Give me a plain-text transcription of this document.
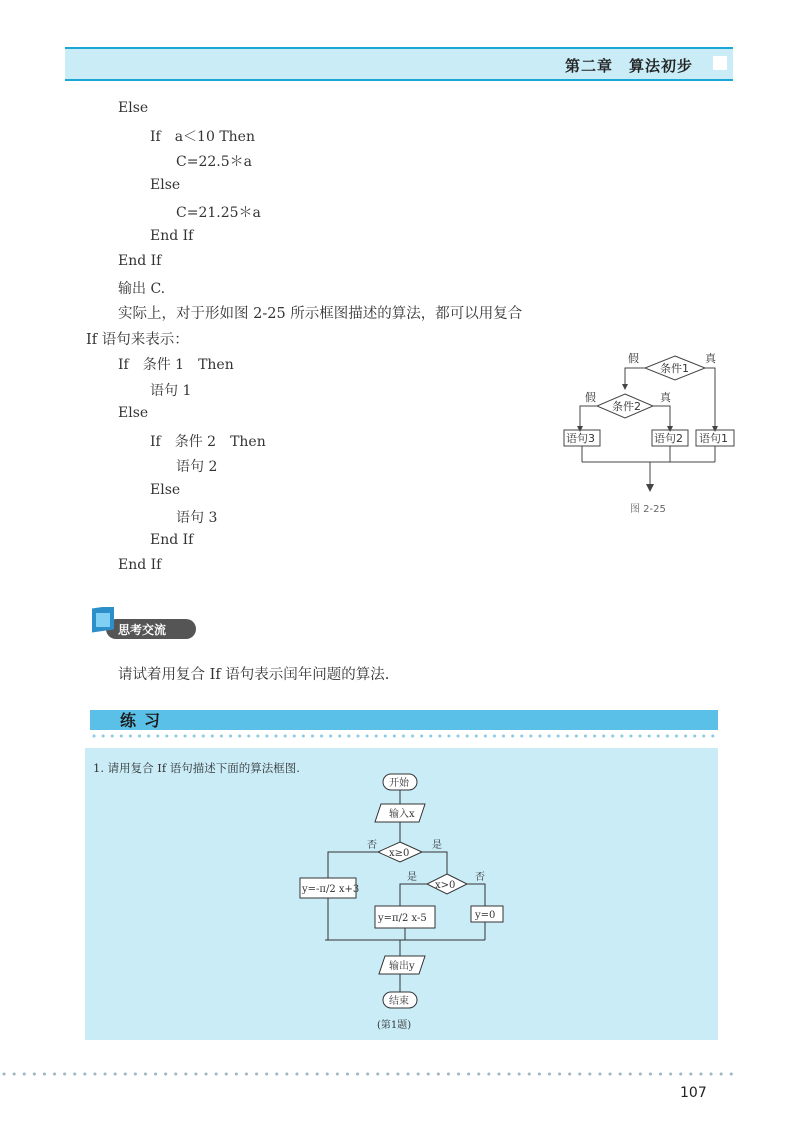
第二章　算法初步
Else
If　a＜10 Then
C=22.5＊a
Else
C=21.25＊a
End If
End If
输出 C.
实际上，对于形如图 2-25 所示框图描述的算法，都可以用复合
If 语句来表示：
If　条件 1　Then
语句 1
Else
If　条件 2　Then
语句 2
Else
语句 3
End If
End If
条件1
条件2
假	真
假	真
语句3	语句2 语句1
图 2-25
思考交流
请试着用复合 If 语句表示闰年问题的算法.
练习
1. 请用复合 If 语句描述下面的算法框图.
开始
输入x
x≥0
否	是
x>0
是	否
y=-π/2 x+3
y=π/2 x-5	y=0
输出y
结束
(第1题)
107
